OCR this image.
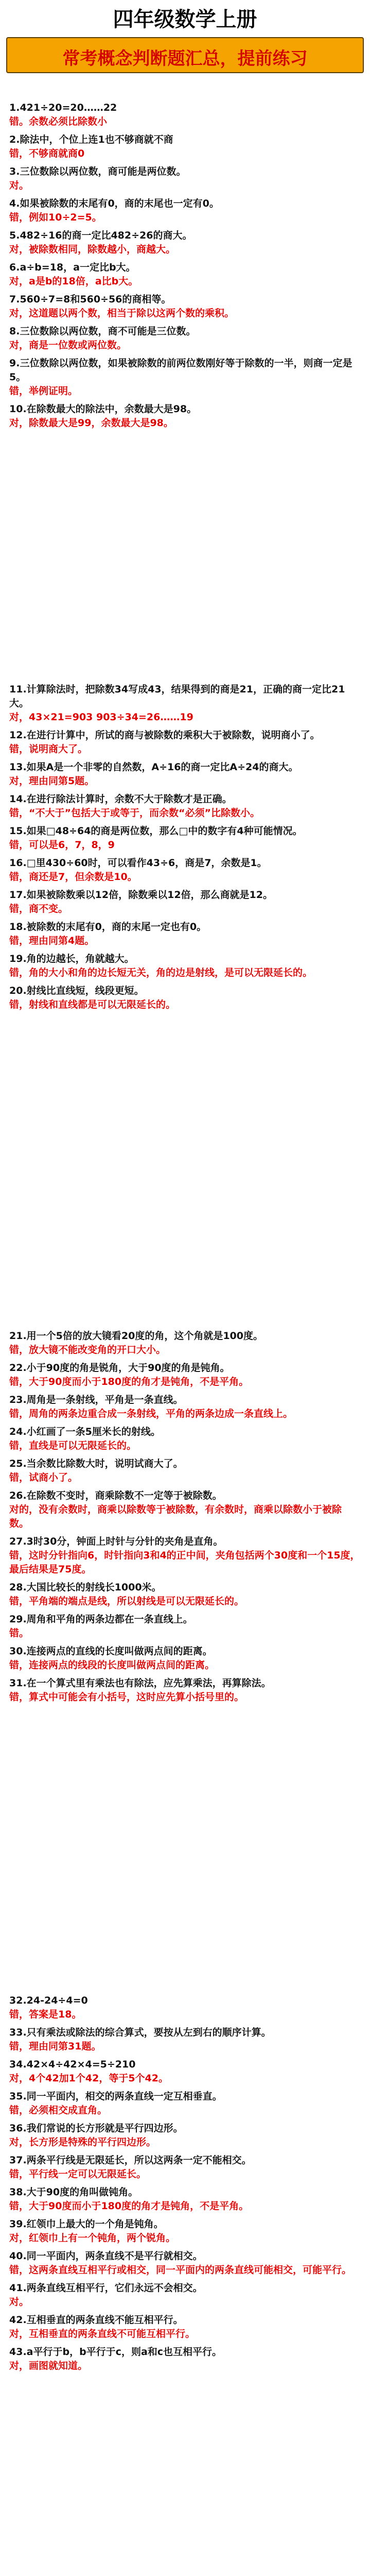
四年级数学上册
常考概念判断题汇总，提前练习
1.421÷20=20……22
错。余数必须比除数小
2.除法中，个位上连1也不够商就不商
错，不够商就商0
3.三位数除以两位数，商可能是两位数。
对。
4.如果被除数的末尾有0，商的末尾也一定有0。
错，例如10÷2=5。
5.482÷16的商一定比482÷26的商大。
对，被除数相同，除数越小，商越大。
6.a÷b=18，a一定比b大。
对，a是b的18倍，a比b大。
7.560÷7=8和560÷56的商相等。
对，这道题以两个数，相当于除以这两个数的乘积。
8.三位数除以两位数，商不可能是三位数。
对，商是一位数或两位数。
9.三位数除以两位数，如果被除数的前两位数刚好等于除数的一半，则商一定是5。
错，举例证明。
10.在除数最大的除法中，余数最大是98。
对，除数最大是99，余数最大是98。
11.计算除法时，把除数34写成43，结果得到的商是21，正确的商一定比21大。
对，43×21=903 903÷34=26……19
12.在进行计算中，所试的商与被除数的乘积大于被除数，说明商小了。
错，说明商大了。
13.如果A是一个非零的自然数，A÷16的商一定比A÷24的商大。
对，理由同第5题。
14.在进行除法计算时，余数不大于除数才是正确。
错，“不大于”包括大于或等于，而余数“必须”比除数小。
15.如果□48÷64的商是两位数，那么□中的数字有4种可能情况。
错，可以是6，7，8，9
16.□里430÷60时，可以看作43÷6，商是7，余数是1。
错，商还是7，但余数是10。
17.如果被除数乘以12倍，除数乘以12倍，那么商就是12。
错，商不变。
18.被除数的末尾有0，商的末尾一定也有0。
错，理由同第4题。
19.角的边越长，角就越大。
错，角的大小和角的边长短无关，角的边是射线，是可以无限延长的。
20.射线比直线短，线段更短。
错，射线和直线都是可以无限延长的。
21.用一个5倍的放大镜看20度的角，这个角就是100度。
错，放大镜不能改变角的开口大小。
22.小于90度的角是锐角，大于90度的角是钝角。
错，大于90度而小于180度的角才是钝角，不是平角。
23.周角是一条射线，平角是一条直线。
错，周角的两条边重合成一条射线，平角的两条边成一条直线上。
24.小红画了一条5厘米长的射线。
错，直线是可以无限延长的。
25.当余数比除数大时，说明试商大了。
错，试商小了。
26.在除数不变时，商乘除数不一定等于被除数。
对的，没有余数时，商乘以除数等于被除数，有余数时，商乘以除数小于被除数。
27.3时30分，钟面上时针与分针的夹角是直角。
错，这时分针指向6，时针指向3和4的正中间，夹角包括两个30度和一个15度，最后结果是75度。
28.大国比较长的射线长1000米。
错，平角端的端点是线，所以射线是可以无限延长的。
29.周角和平角的两条边都在一条直线上。
错。
30.连接两点的直线的长度叫做两点间的距离。
错，连接两点的线段的长度叫做两点间的距离。
31.在一个算式里有乘法也有除法，应先算乘法，再算除法。
错，算式中可能会有小括号，这时应先算小括号里的。
32.24-24÷4=0
错，答案是18。
33.只有乘法或除法的综合算式，要按从左到右的顺序计算。
错，理由同第31题。
34.42×4÷42×4=5÷210
对，4个42加1个42，等于5个42。
35.同一平面内，相交的两条直线一定互相垂直。
错，必须相交成直角。
36.我们常说的长方形就是平行四边形。
对，长方形是特殊的平行四边形。
37.两条平行线是无限延长，所以这两条一定不能相交。
错，平行线一定可以无限延长。
38.大于90度的角叫做钝角。
错，大于90度而小于180度的角才是钝角，不是平角。
39.红领巾上最大的一个角是钝角。
对，红领巾上有一个钝角，两个锐角。
40.同一平面内，两条直线不是平行就相交。
错，这两条直线互相平行或相交，同一平面内的两条直线可能相交，可能平行。
41.两条直线互相平行，它们永远不会相交。
对。
42.互相垂直的两条直线不能互相平行。
对，互相垂直的两条直线不可能互相平行。
43.a平行于b，b平行于c，则a和c也互相平行。
对，画图就知道。
